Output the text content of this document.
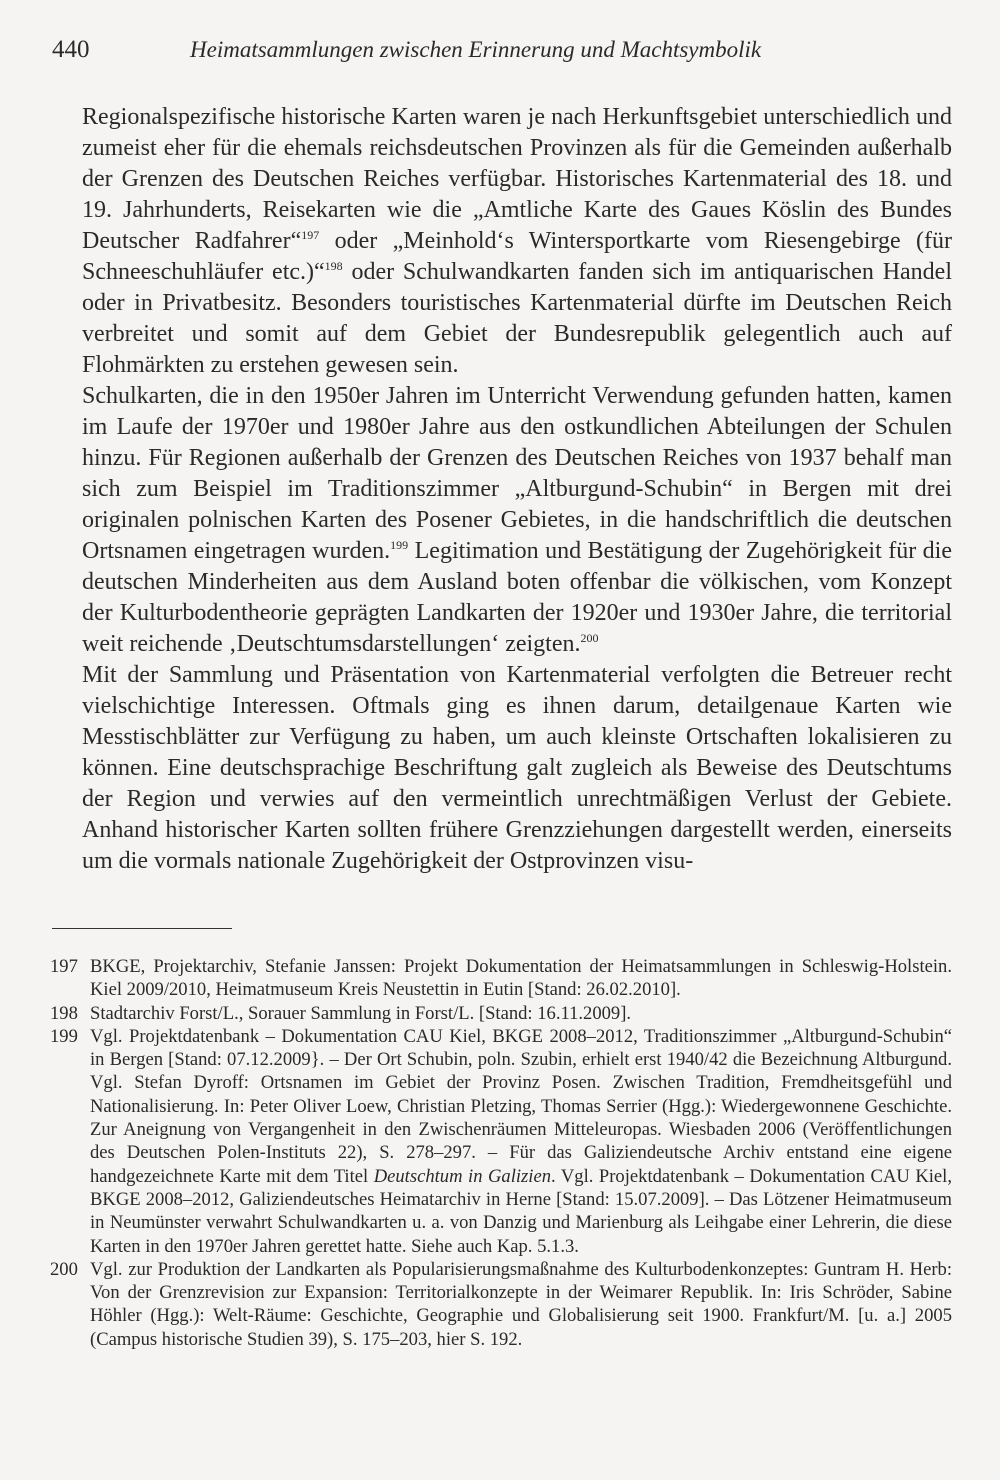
440	Heimatsammlungen zwischen Erinnerung und Machtsymbolik

Regionalspezifische historische Karten waren je nach Herkunftsgebiet unterschiedlich und zumeist eher für die ehemals reichsdeutschen Provinzen als für die Gemeinden außerhalb der Grenzen des Deutschen Reiches verfügbar. Historisches Kartenmaterial des 18. und 19. Jahrhunderts, Reisekarten wie die „Amtliche Karte des Gaues Köslin des Bundes Deutscher Radfahrer“$^{197}$ oder „Meinhold‘s Wintersportkarte vom Riesengebirge (für Schneeschuhläufer etc.)“$^{198}$ oder Schulwandkarten fanden sich im antiquarischen Handel oder in Privatbesitz. Besonders touristisches Kartenmaterial dürfte im Deutschen Reich verbreitet und somit auf dem Gebiet der Bundesrepublik gelegentlich auch auf Flohmärkten zu erstehen gewesen sein.

Schulkarten, die in den 1950er Jahren im Unterricht Verwendung gefunden hatten, kamen im Laufe der 1970er und 1980er Jahre aus den ostkundlichen Abteilungen der Schulen hinzu. Für Regionen außerhalb der Grenzen des Deutschen Reiches von 1937 behalf man sich zum Beispiel im Traditionszimmer „Altburgund-Schubin“ in Bergen mit drei originalen polnischen Karten des Posener Gebietes, in die handschriftlich die deutschen Ortsnamen eingetragen wurden.$^{199}$ Legitimation und Bestätigung der Zugehörigkeit für die deutschen Minderheiten aus dem Ausland boten offenbar die völkischen, vom Konzept der Kulturbodentheorie geprägten Landkarten der 1920er und 1930er Jahre, die territorial weit reichende ‚Deutschtumsdarstellungen‘ zeigten.$^{200}$

Mit der Sammlung und Präsentation von Kartenmaterial verfolgten die Betreuer recht vielschichtige Interessen. Oftmals ging es ihnen darum, detailgenaue Karten wie Messtischblätter zur Verfügung zu haben, um auch kleinste Ortschaften lokalisieren zu können. Eine deutschsprachige Beschriftung galt zugleich als Beweise des Deutschtums der Region und verwies auf den vermeintlich unrechtmäßigen Verlust der Gebiete. Anhand historischer Karten sollten frühere Grenzziehungen dargestellt werden, einerseits um die vormals nationale Zugehörigkeit der Ostprovinzen visu-

197 BKGE, Projektarchiv, Stefanie Janssen: Projekt Dokumentation der Heimatsammlungen in Schleswig-Holstein. Kiel 2009/2010, Heimatmuseum Kreis Neustettin in Eutin [Stand: 26.02.2010].
198 Stadtarchiv Forst/L., Sorauer Sammlung in Forst/L. [Stand: 16.11.2009].
199 Vgl. Projektdatenbank – Dokumentation CAU Kiel, BKGE 2008–2012, Traditionszimmer „Altburgund-Schubin“ in Bergen [Stand: 07.12.2009}. – Der Ort Schubin, poln. Szubin, erhielt erst 1940/42 die Bezeichnung Altburgund. Vgl. Stefan Dyroff: Ortsnamen im Gebiet der Provinz Posen. Zwischen Tradition, Fremdheitsgefühl und Nationalisierung. In: Peter Oliver Loew, Christian Pletzing, Thomas Serrier (Hgg.): Wiedergewonnene Geschichte. Zur Aneignung von Vergangenheit in den Zwischenräumen Mitteleuropas. Wiesbaden 2006 (Veröffentlichungen des Deutschen Polen-Instituts 22), S. 278–297. – Für das Galiziendeutsche Archiv entstand eine eigene handgezeichnete Karte mit dem Titel Deutschtum in Galizien. Vgl. Projektdatenbank – Dokumentation CAU Kiel, BKGE 2008–2012, Galiziendeutsches Heimatarchiv in Herne [Stand: 15.07.2009]. – Das Lötzener Heimatmuseum in Neumünster verwahrt Schulwandkarten u. a. von Danzig und Marienburg als Leihgabe einer Lehrerin, die diese Karten in den 1970er Jahren gerettet hatte. Siehe auch Kap. 5.1.3.
200 Vgl. zur Produktion der Landkarten als Popularisierungsmaßnahme des Kulturbodenkonzeptes: Guntram H. Herb: Von der Grenzrevision zur Expansion: Territorialkonzepte in der Weimarer Republik. In: Iris Schröder, Sabine Höhler (Hgg.): Welt-Räume: Geschichte, Geographie und Globalisierung seit 1900. Frankfurt/M. [u. a.] 2005 (Campus historische Studien 39), S. 175–203, hier S. 192.
